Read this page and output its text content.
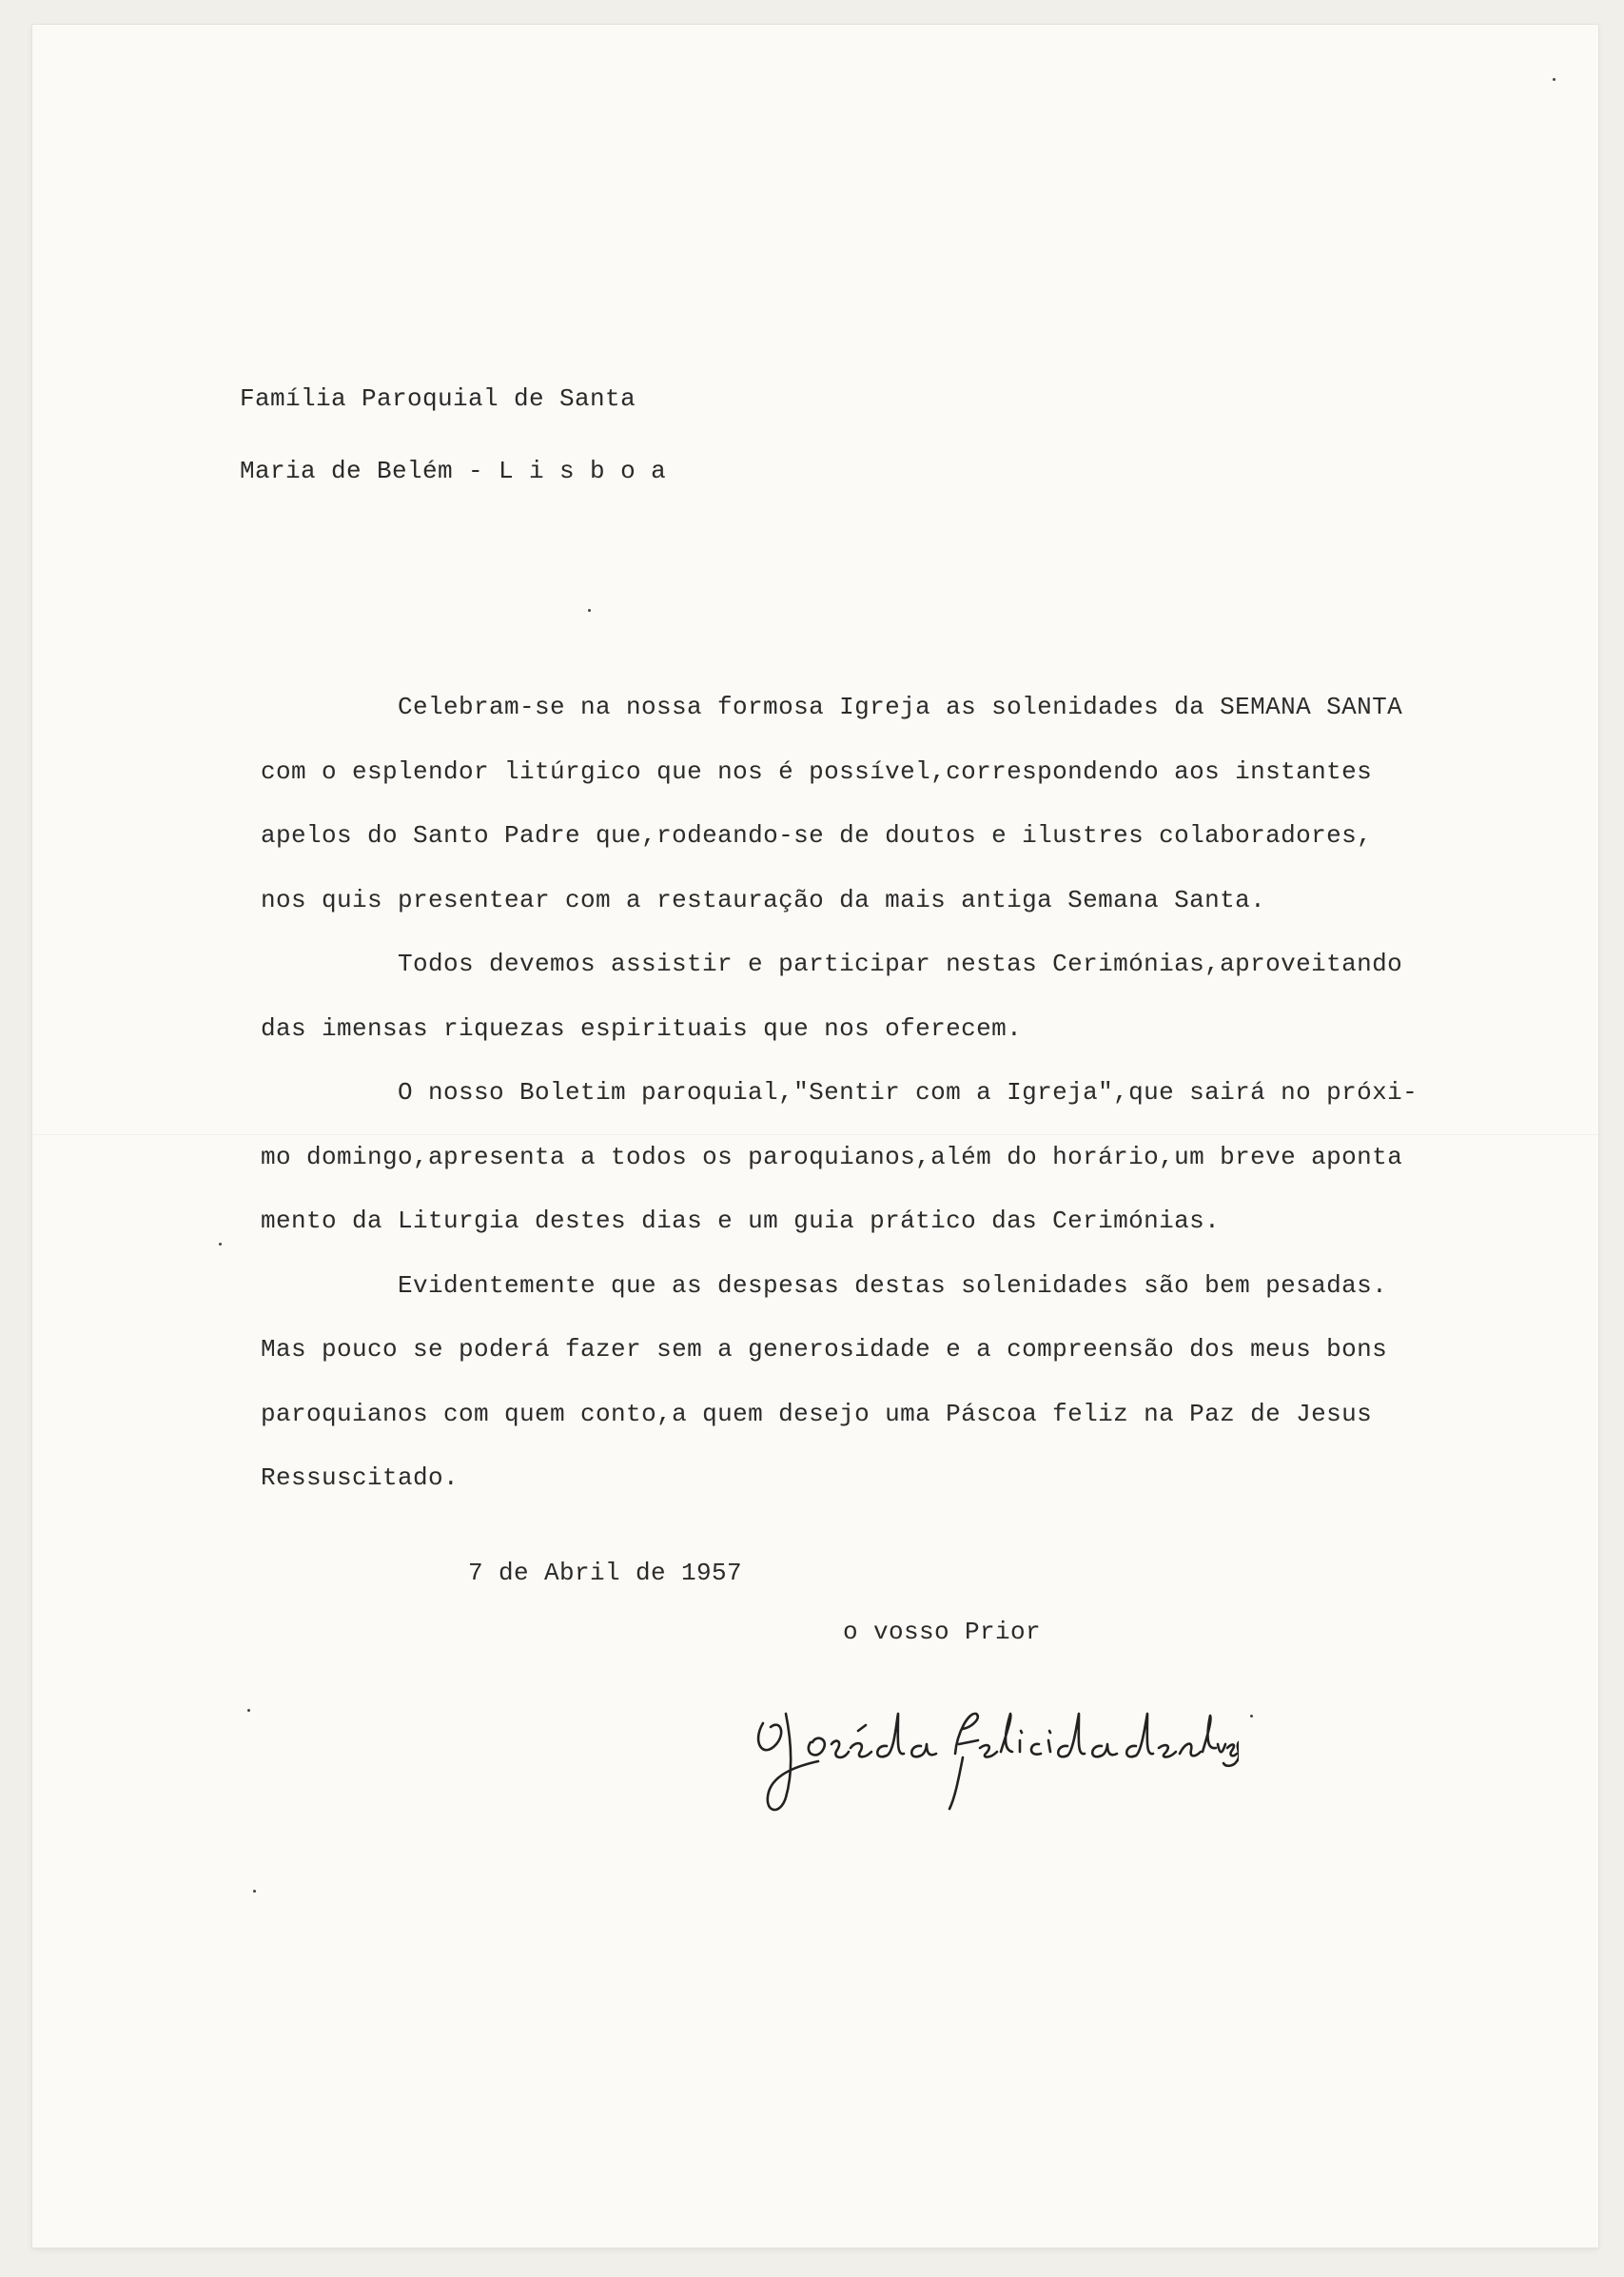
Família Paroquial de Santa
Maria de Belém - L i s b o a
Celebram-se na nossa formosa Igreja as solenidades da SEMANA SANTA
com o esplendor litúrgico que nos é possível,correspondendo aos instantes
apelos do Santo Padre que,rodeando-se de doutos e ilustres colaboradores,
nos quis presentear com a restauração da mais antiga Semana Santa.
Todos devemos assistir e participar nestas Cerimónias,aproveitando
das imensas riquezas espirituais que nos oferecem.
O nosso Boletim paroquial,"Sentir com a Igreja",que sairá no próxi-
mo domingo,apresenta a todos os paroquianos,além do horário,um breve aponta
mento da Liturgia destes dias e um guia prático das Cerimónias.
Evidentemente que as despesas destas solenidades são bem pesadas.
Mas pouco se poderá fazer sem a generosidade e a compreensão dos meus bons
paroquianos com quem conto,a quem desejo uma Páscoa feliz na Paz de Jesus
Ressuscitado.
7 de Abril de 1957
o vosso Prior
